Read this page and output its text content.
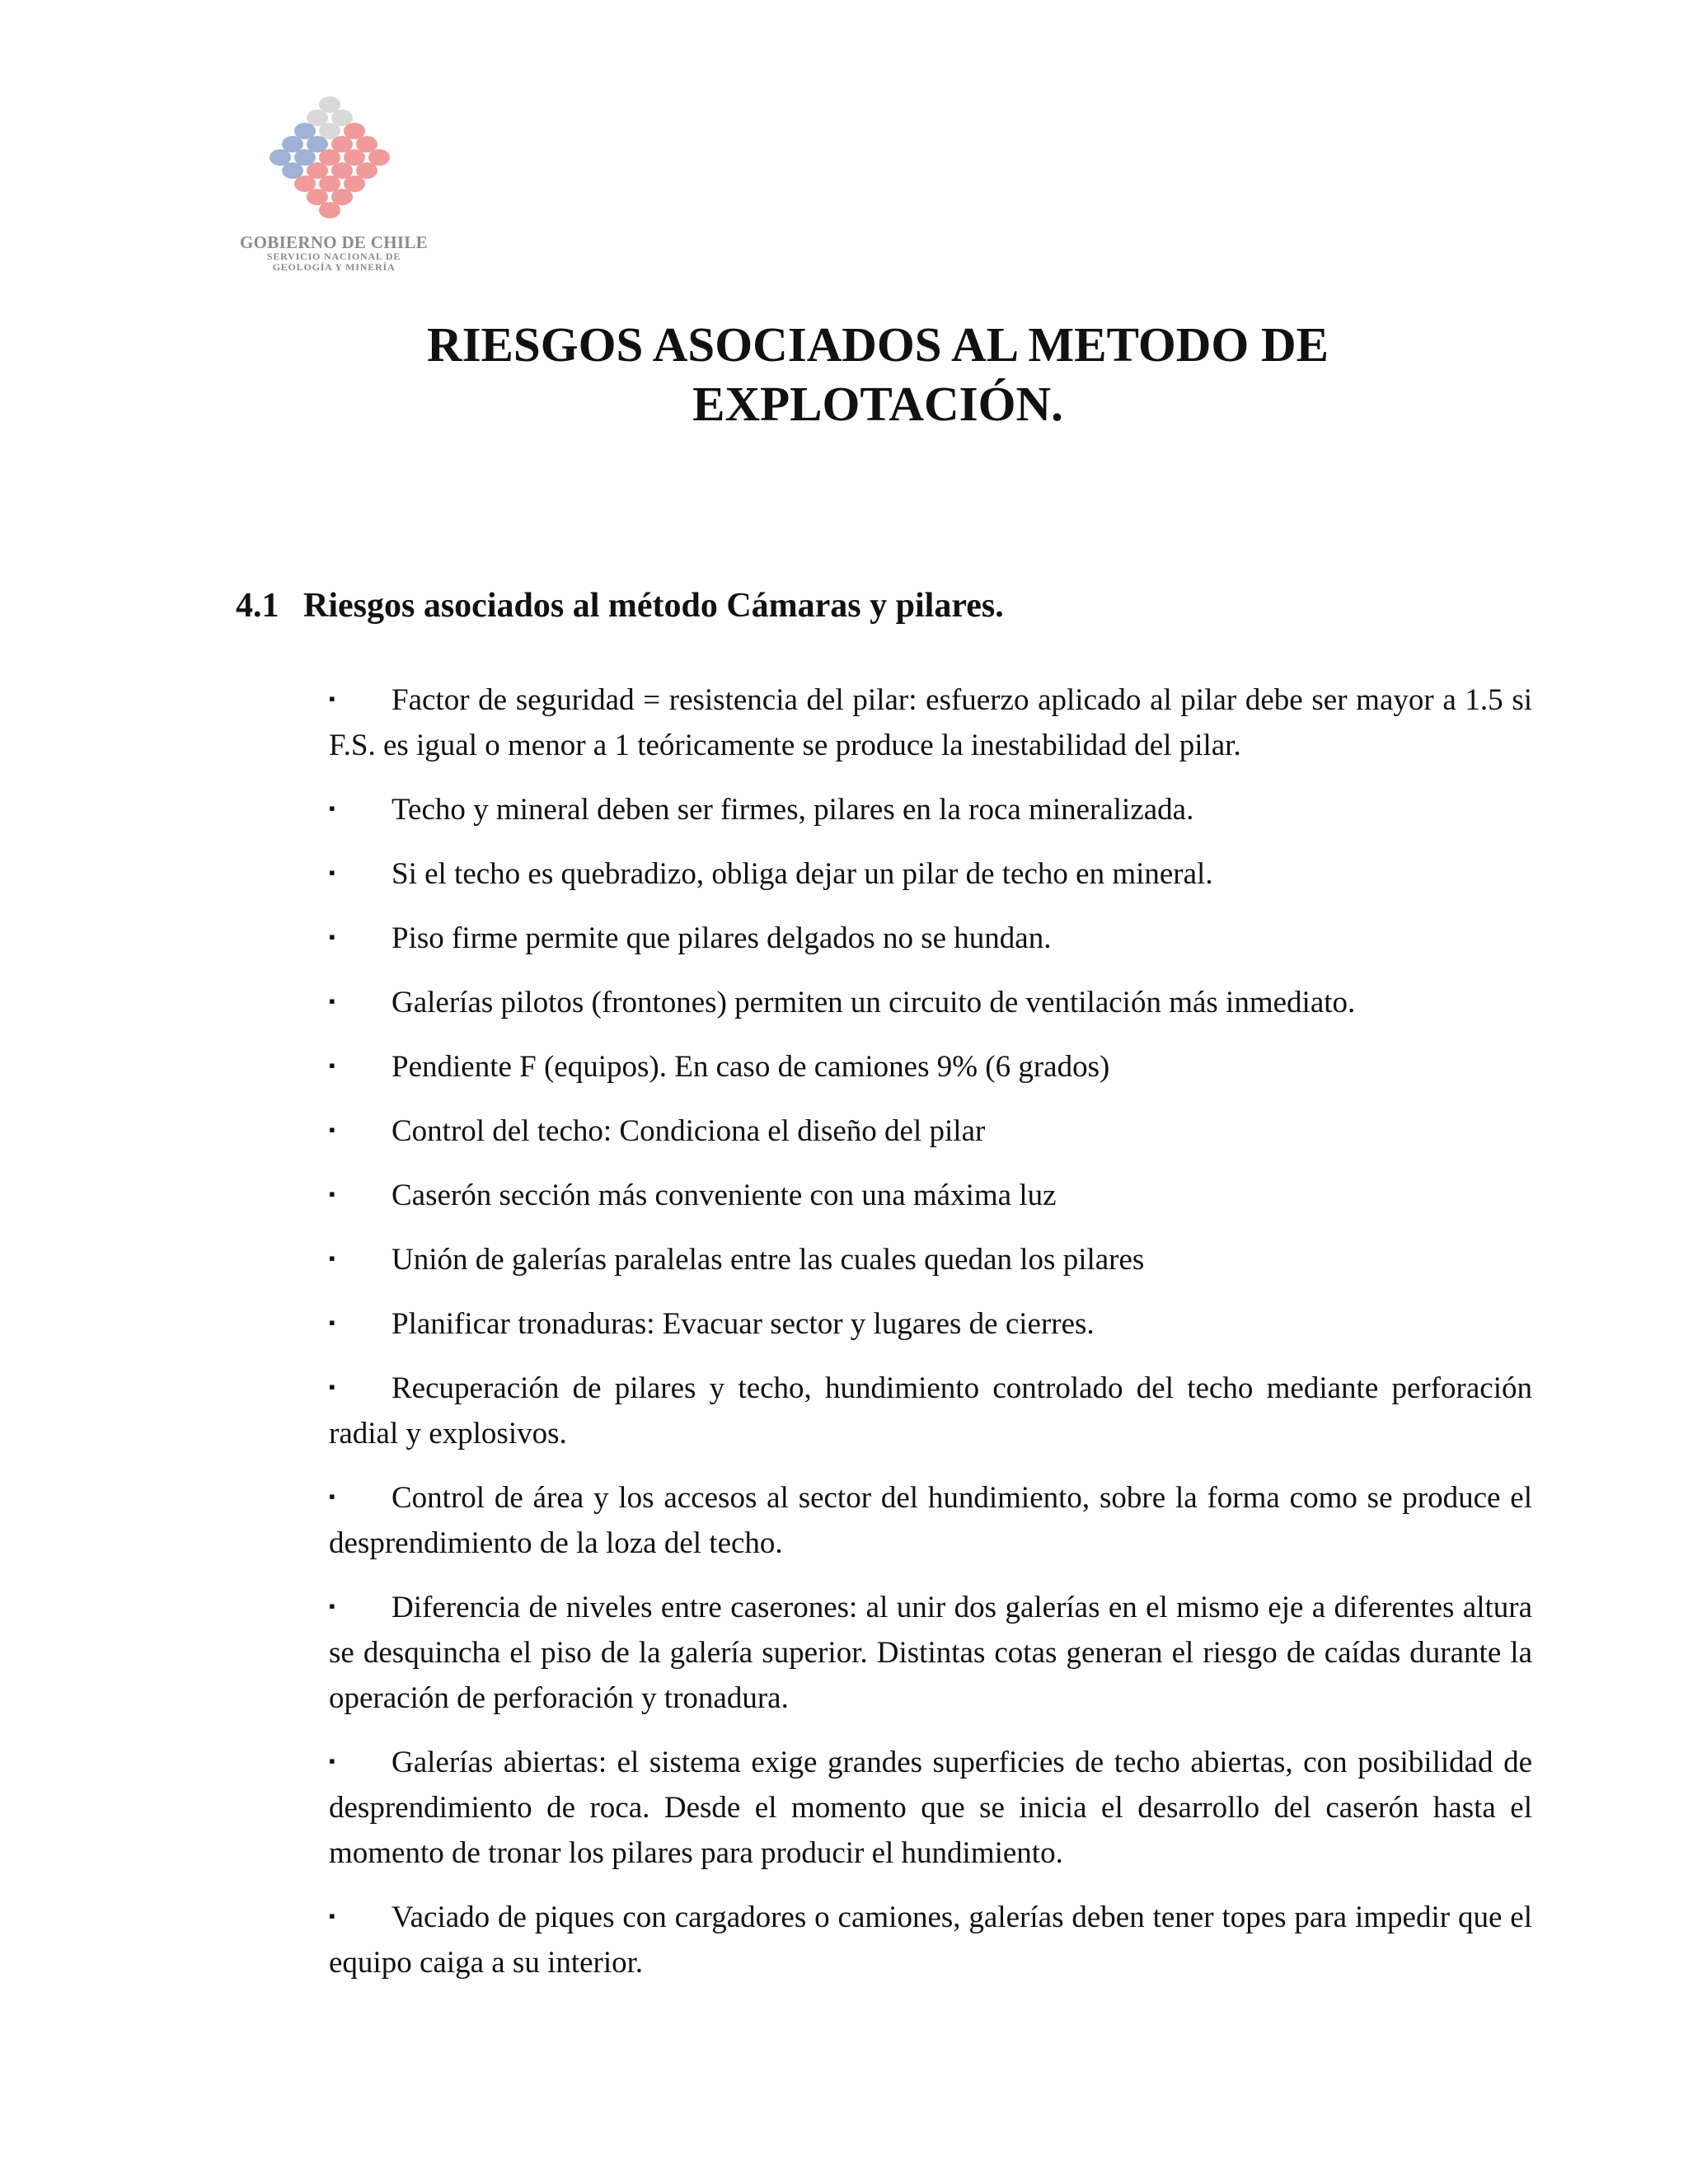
GOBIERNO DE CHILE
SERVICIO NACIONAL DE
GEOLOGÍA Y MINERÍA
RIESGOS ASOCIADOS AL METODO DE
EXPLOTACIÓN.
4.1 Riesgos asociados al método Cámaras y pilares.
▪ Factor de seguridad = resistencia del pilar: esfuerzo aplicado al pilar debe ser mayor a 1.5 si F.S. es igual o menor a 1 teóricamente se produce la inestabilidad del pilar.
▪ Techo y mineral deben ser firmes, pilares en la roca mineralizada.
▪ Si el techo es quebradizo, obliga dejar un pilar de techo en mineral.
▪ Piso firme permite que pilares delgados no se hundan.
▪ Galerías pilotos (frontones) permiten un circuito de ventilación más inmediato.
▪ Pendiente F (equipos). En caso de camiones 9% (6 grados)
▪ Control del techo: Condiciona el diseño del pilar
▪ Caserón sección más conveniente con una máxima luz
▪ Unión de galerías paralelas entre las cuales quedan los pilares
▪ Planificar tronaduras: Evacuar sector y lugares de cierres.
▪ Recuperación de pilares y techo, hundimiento controlado del techo mediante perforación radial y explosivos.
▪ Control de área y los accesos al sector del hundimiento, sobre la forma como se produce el desprendimiento de la loza del techo.
▪ Diferencia de niveles entre caserones: al unir dos galerías en el mismo eje a diferentes altura se desquincha el piso de la galería superior. Distintas cotas generan el riesgo de caídas durante la operación de perforación y tronadura.
▪ Galerías abiertas: el sistema exige grandes superficies de techo abiertas, con posibilidad de desprendimiento de roca. Desde el momento que se inicia el desarrollo del caserón hasta el momento de tronar los pilares para producir el hundimiento.
▪ Vaciado de piques con cargadores o camiones, galerías deben tener topes para impedir que el equipo caiga a su interior.
